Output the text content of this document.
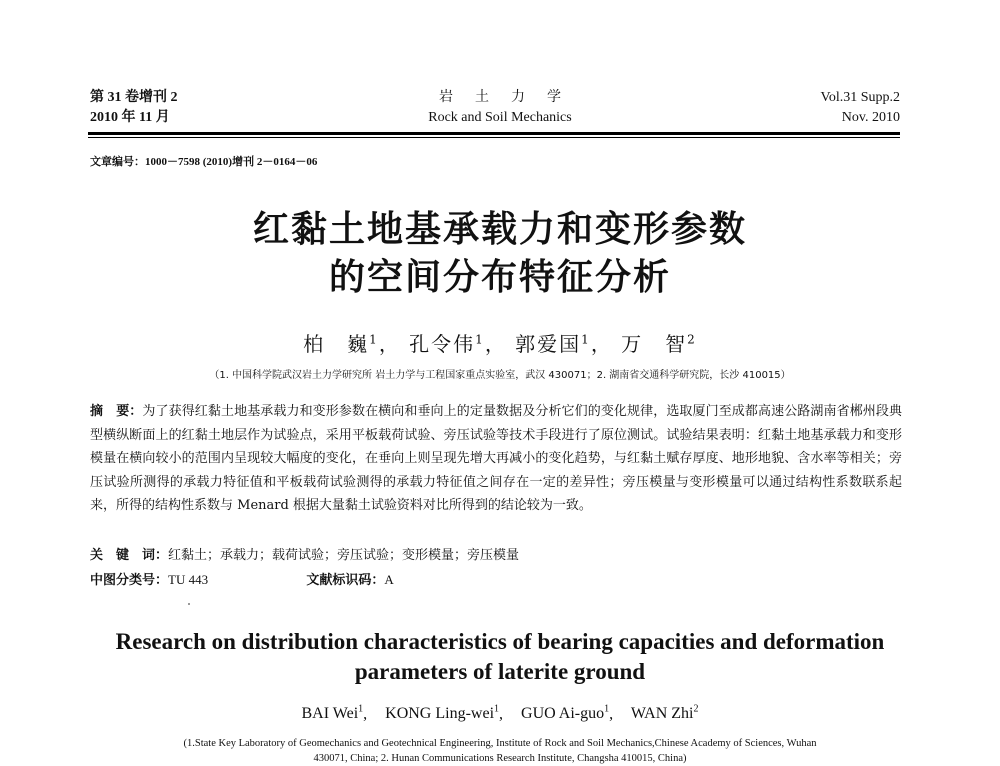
第 31 卷增刊 2
2010 年 11 月
岩土力学
Rock and Soil Mechanics
Vol.31 Supp.2
Nov. 2010
文章编号：1000－7598 (2010)增刊 2－0164－06
红黏土地基承载力和变形参数
的空间分布特征分析
柏　巍$^1$， 孔令伟$^1$， 郭爱国$^1$， 万　智$^2$
（1. 中国科学院武汉岩土力学研究所 岩土力学与工程国家重点实验室，武汉 430071；2. 湖南省交通科学研究院，长沙 410015）
摘　要：为了获得红黏土地基承载力和变形参数在横向和垂向上的定量数据及分析它们的变化规律，选取厦门至成都高速公路湖南省郴州段典型横纵断面上的红黏土地层作为试验点，采用平板载荷试验、旁压试验等技术手段进行了原位测试。试验结果表明：红黏土地基承载力和变形模量在横向较小的范围内呈现较大幅度的变化，在垂向上则呈现先增大再减小的变化趋势，与红黏土赋存厚度、地形地貌、含水率等相关；旁压试验所测得的承载力特征值和平板载荷试验测得的承载力特征值之间存在一定的差异性；旁压模量与变形模量可以通过结构性系数联系起来，所得的结构性系数与 Menard 根据大量黏土试验资料对比所得到的结论较为一致。
关　键　词：红黏土；承载力；载荷试验；旁压试验；变形模量；旁压模量
中图分类号：TU 443	文献标识码：A
Research on distribution characteristics of bearing capacities and deformation
parameters of laterite ground
BAI Wei$^1$, KONG Ling-wei$^1$, GUO Ai-guo$^1$, WAN Zhi$^2$
(1.State Key Laboratory of Geomechanics and Geotechnical Engineering, Institute of Rock and Soil Mechanics,Chinese Academy of Sciences, Wuhan
430071, China; 2. Hunan Communications Research Institute, Changsha 410015, China)
